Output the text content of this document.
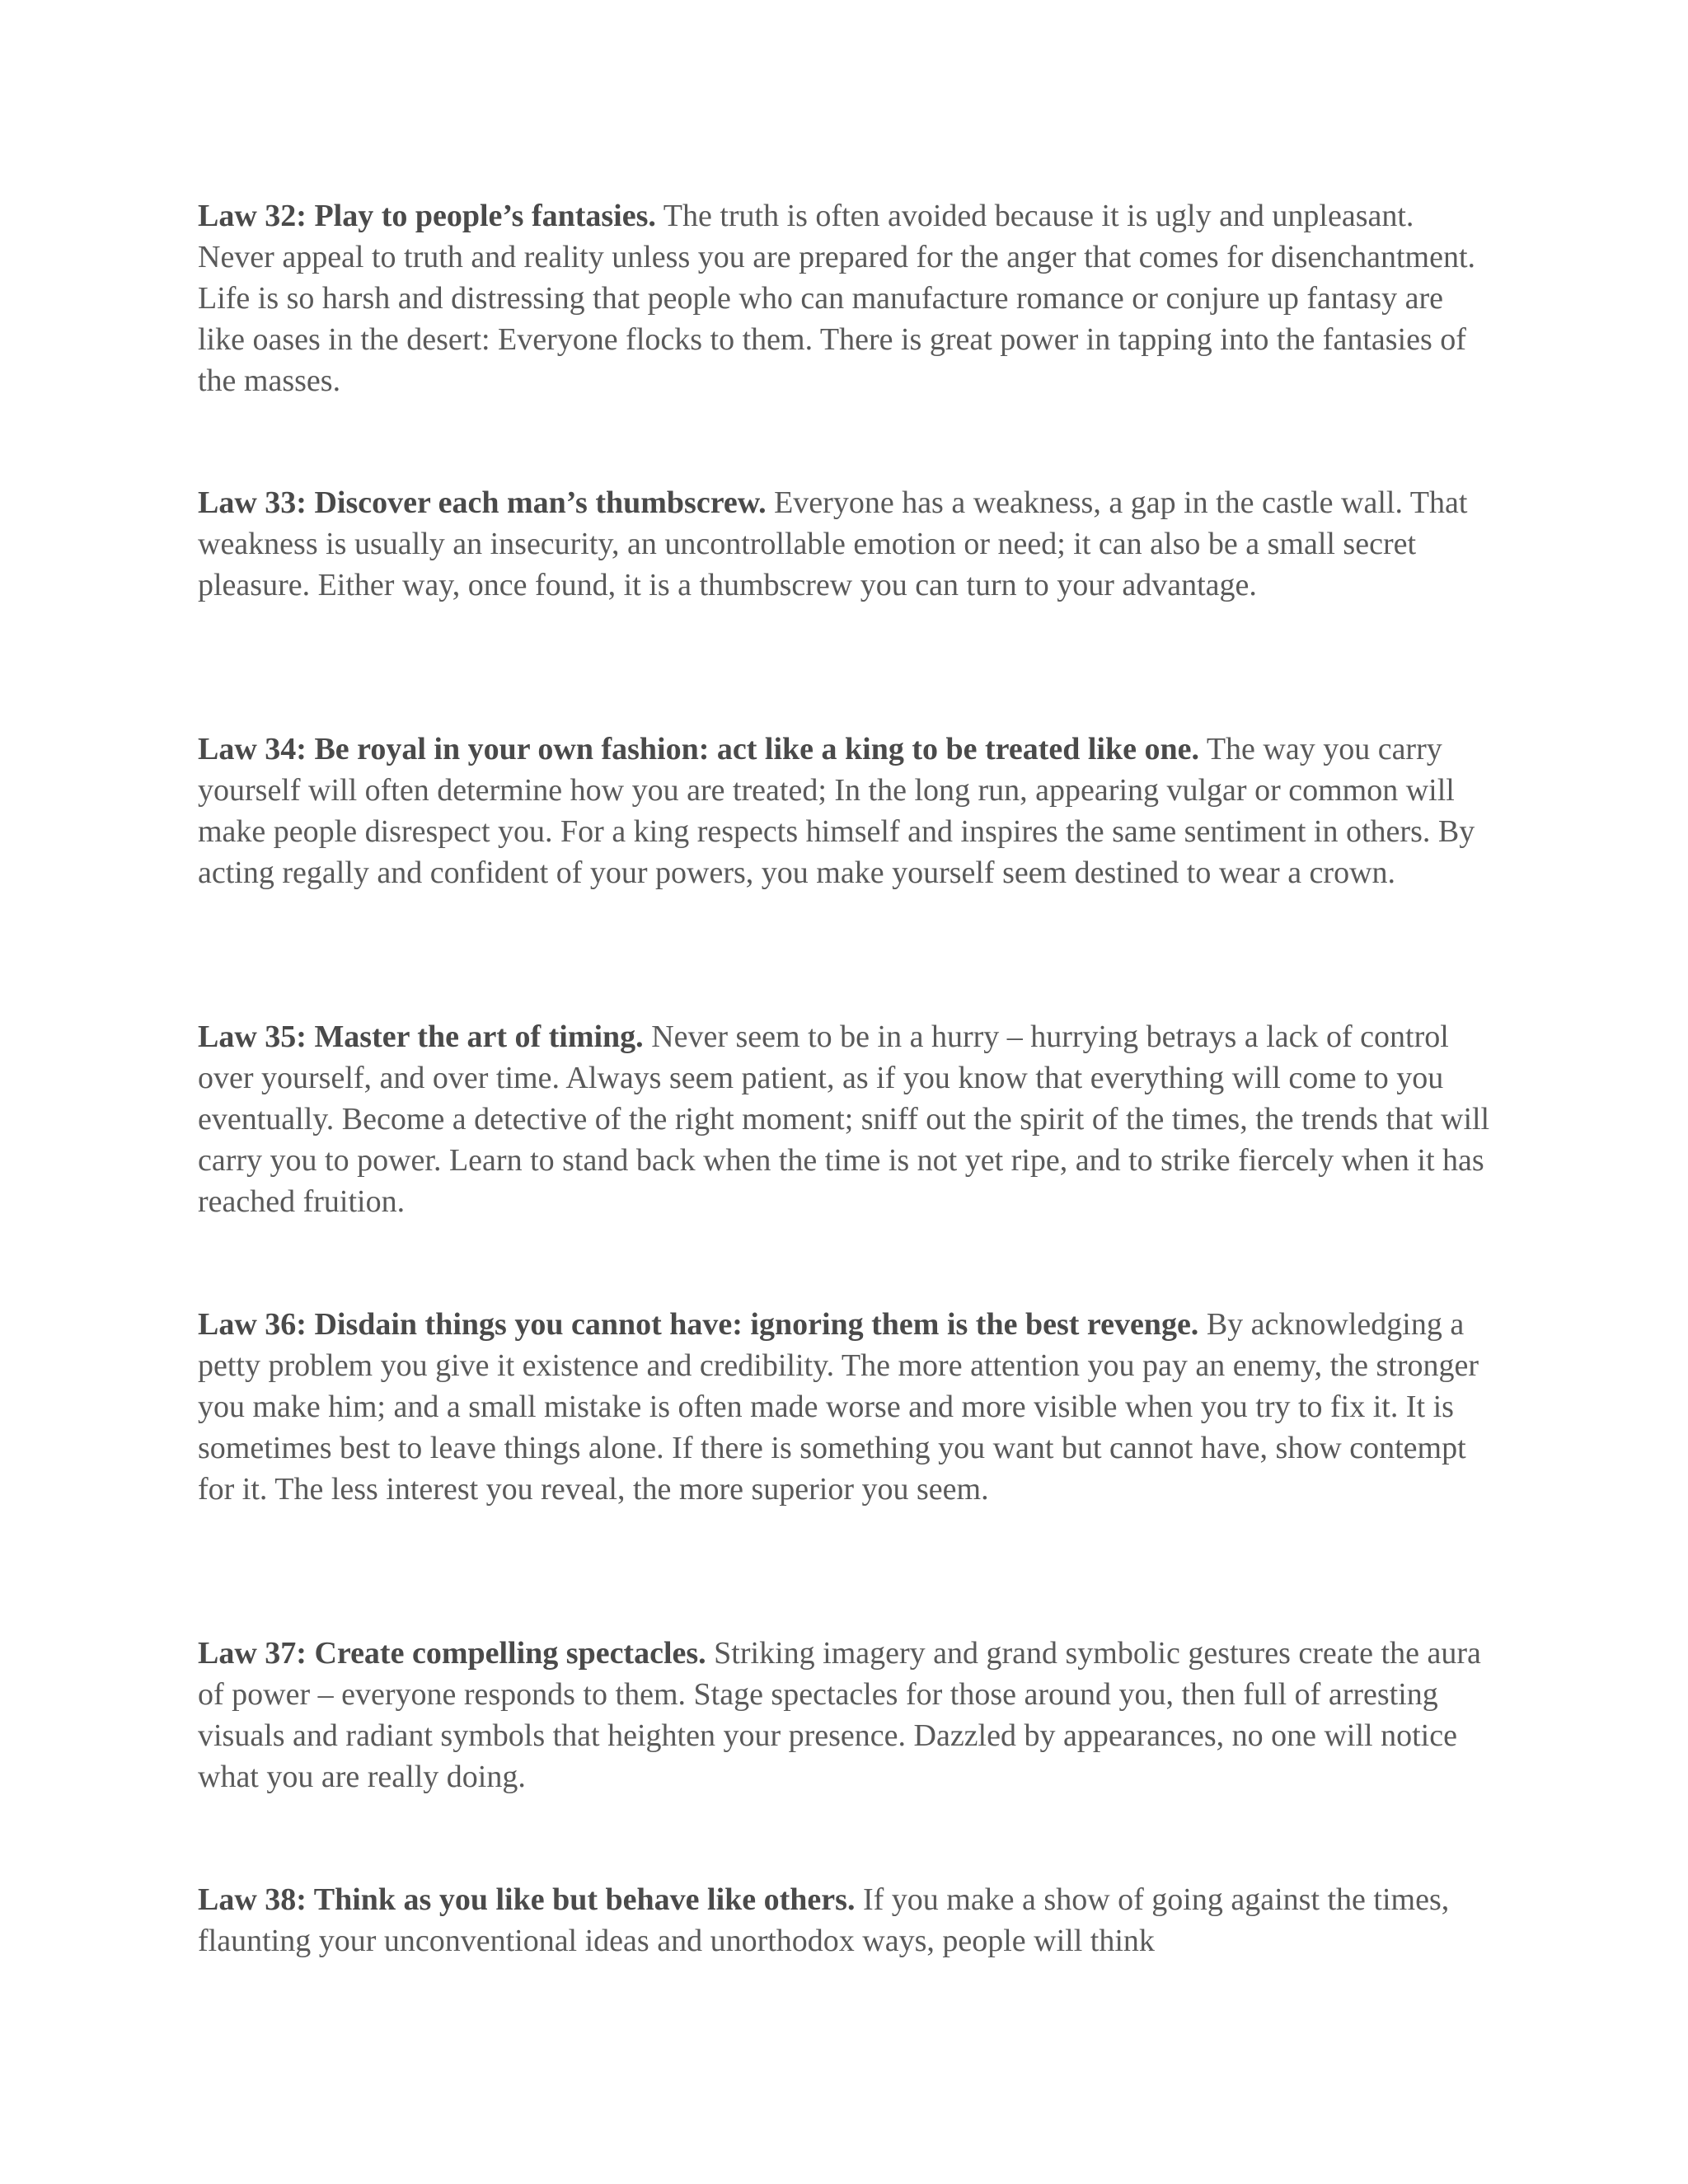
Law 32: Play to people’s fantasies. The truth is often avoided because it is ugly and unpleasant. Never appeal to truth and reality unless you are prepared for the anger that comes for disenchantment. Life is so harsh and distressing that people who can manufacture romance or conjure up fantasy are like oases in the desert: Everyone flocks to them. There is great power in tapping into the fantasies of the masses.

Law 33: Discover each man’s thumbscrew. Everyone has a weakness, a gap in the castle wall. That weakness is usually an insecurity, an uncontrollable emotion or need; it can also be a small secret pleasure. Either way, once found, it is a thumbscrew you can turn to your advantage.

Law 34: Be royal in your own fashion: act like a king to be treated like one. The way you carry yourself will often determine how you are treated; In the long run, appearing vulgar or common will make people disrespect you. For a king respects himself and inspires the same sentiment in others. By acting regally and confident of your powers, you make yourself seem destined to wear a crown.

Law 35: Master the art of timing. Never seem to be in a hurry – hurrying betrays a lack of control over yourself, and over time. Always seem patient, as if you know that everything will come to you eventually. Become a detective of the right moment; sniff out the spirit of the times, the trends that will carry you to power. Learn to stand back when the time is not yet ripe, and to strike fiercely when it has reached fruition.

Law 36: Disdain things you cannot have: ignoring them is the best revenge. By acknowledging a petty problem you give it existence and credibility. The more attention you pay an enemy, the stronger you make him; and a small mistake is often made worse and more visible when you try to fix it. It is sometimes best to leave things alone. If there is something you want but cannot have, show contempt for it. The less interest you reveal, the more superior you seem.

Law 37: Create compelling spectacles. Striking imagery and grand symbolic gestures create the aura of power – everyone responds to them. Stage spectacles for those around you, then full of arresting visuals and radiant symbols that heighten your presence. Dazzled by appearances, no one will notice what you are really doing.

Law 38: Think as you like but behave like others. If you make a show of going against the times, flaunting your unconventional ideas and unorthodox ways, people will think
